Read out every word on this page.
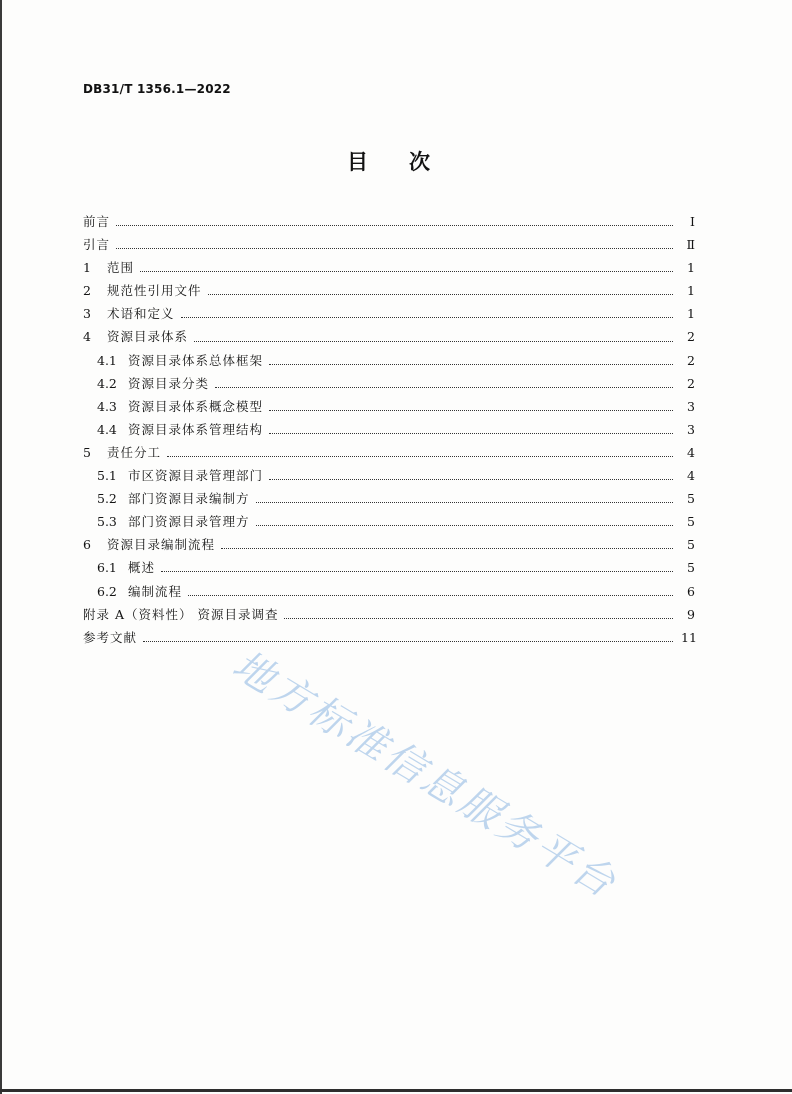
DB31/T 1356.1—2022
目次
前言	Ⅰ
引言	Ⅱ
1	范围	1
2	规范性引用文件	1
3	术语和定义	1
4	资源目录体系	2
4.1 资源目录体系总体框架	2
4.2 资源目录分类	2
4.3 资源目录体系概念模型	3
4.4 资源目录体系管理结构	3
5	责任分工	4
5.1 市区资源目录管理部门	4
5.2 部门资源目录编制方	5
5.3 部门资源目录管理方	5
6	资源目录编制流程	5
6.1 概述	5
6.2 编制流程	6
附录 A（资料性） 资源目录调查	9
参考文献	11
地方标准信息服务平台
